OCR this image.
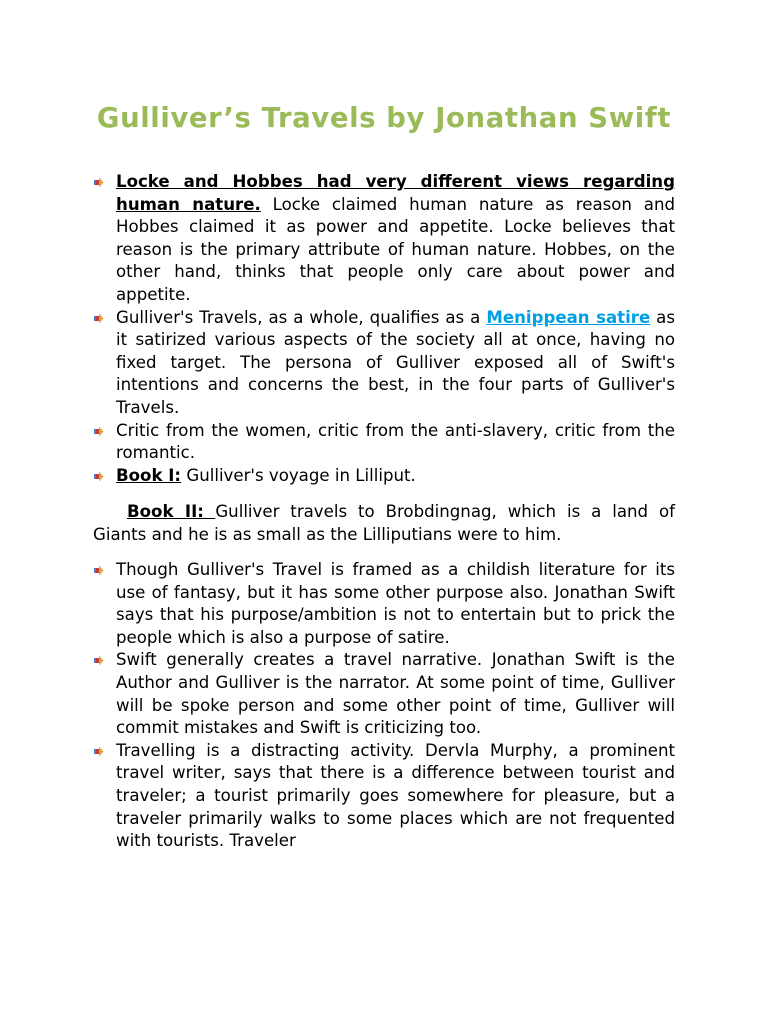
Gulliver’s Travels by Jonathan Swift
Locke and Hobbes had very different views regarding human nature. Locke claimed human nature as reason and Hobbes claimed it as power and appetite. Locke believes that reason is the primary attribute of human nature. Hobbes, on the other hand, thinks that people only care about power and appetite.
Gulliver's Travels, as a whole, qualifies as a Menippean satire as it satirized various aspects of the society all at once, having no fixed target. The persona of Gulliver exposed all of Swift's intentions and concerns the best, in the four parts of Gulliver's Travels.
Critic from the women, critic from the anti-slavery, critic from the romantic.
Book I: Gulliver's voyage in Lilliput.

Book II: Gulliver travels to Brobdingnag, which is a land of Giants and he is as small as the Lilliputians were to him.

Though Gulliver's Travel is framed as a childish literature for its use of fantasy, but it has some other purpose also. Jonathan Swift says that his purpose/ambition is not to entertain but to prick the people which is also a purpose of satire.
Swift generally creates a travel narrative. Jonathan Swift is the Author and Gulliver is the narrator. At some point of time, Gulliver will be spoke person and some other point of time, Gulliver will commit mistakes and Swift is criticizing too.
Travelling is a distracting activity. Dervla Murphy, a prominent travel writer, says that there is a difference between tourist and traveler; a tourist primarily goes somewhere for pleasure, but a traveler primarily walks to some places which are not frequented with tourists. Traveler
